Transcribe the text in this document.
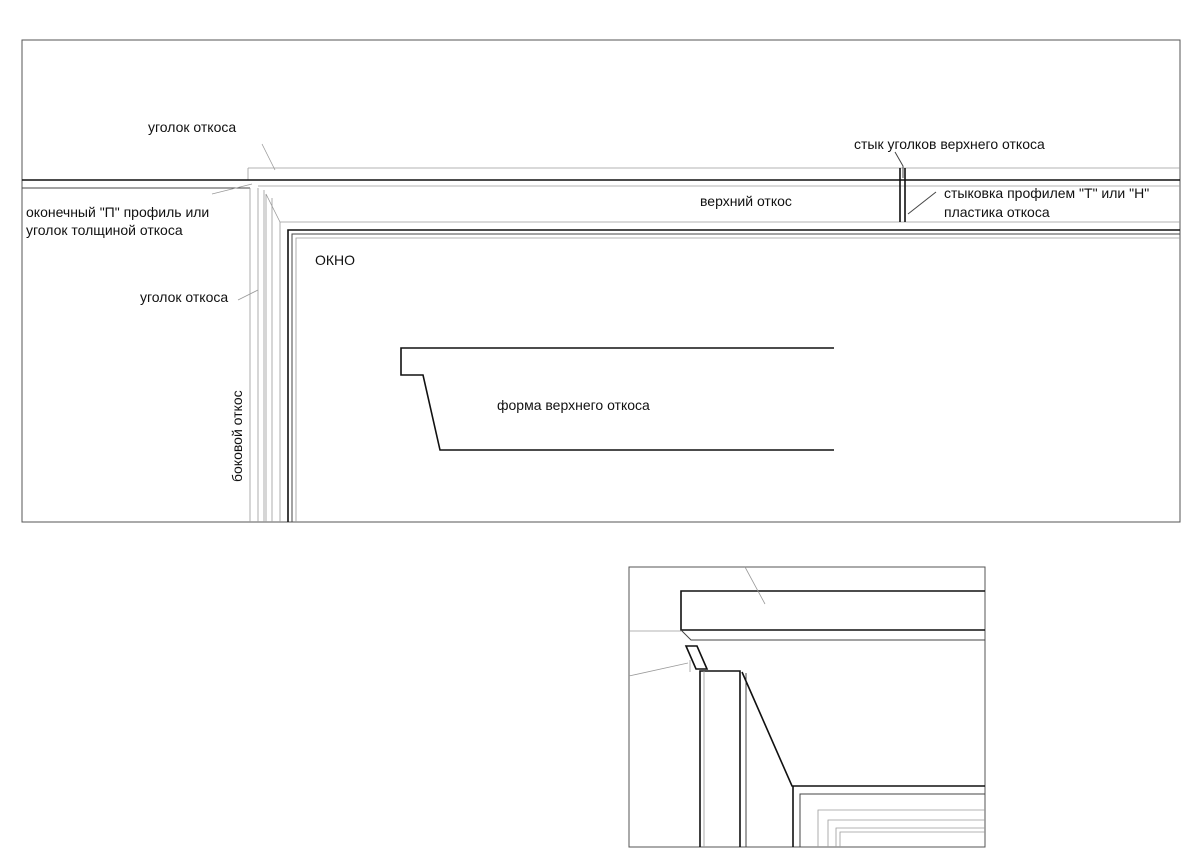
уголок откоса
стык уголков верхнего откоса
оконечный "П" профиль или
уголок толщиной откоса
верхний откос	стыковка профилем "Т" или "Н"
пластика откоса
ОКНО
уголок откоса
боковой откос	форма верхнего откоса
